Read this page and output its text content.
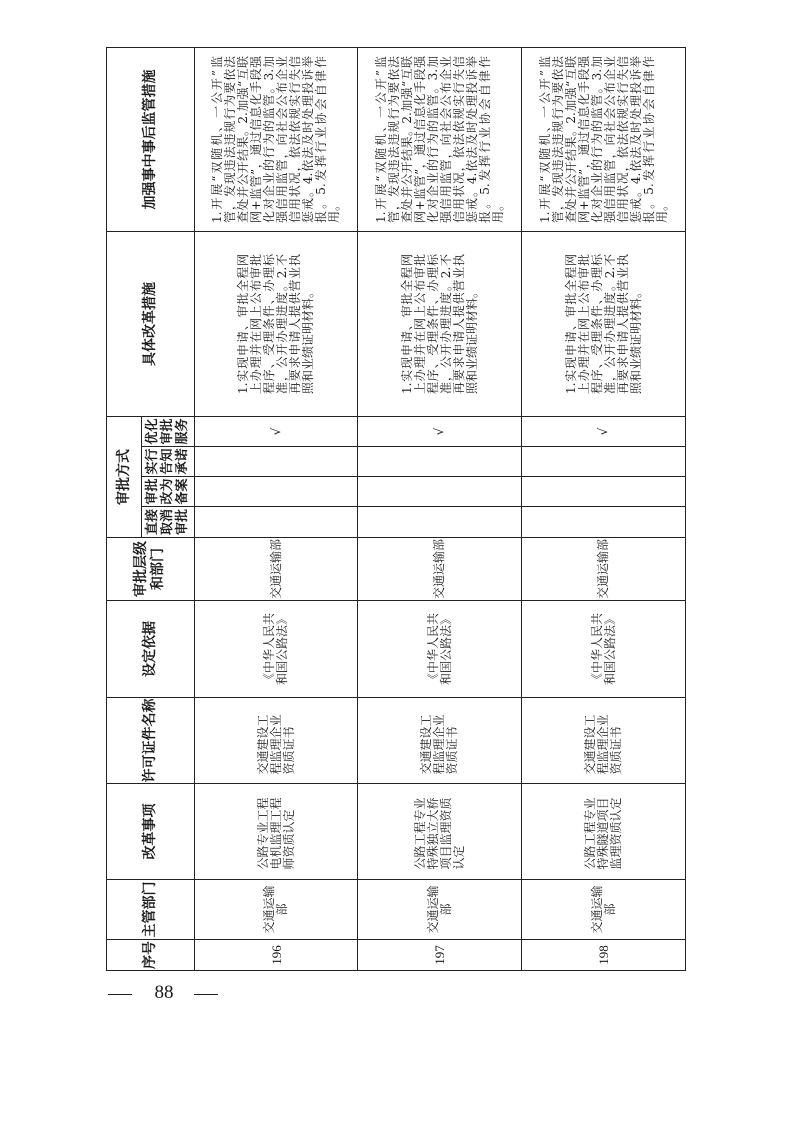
88
序号	主管部门	改革事项	许可证件名称	设定依据	审批层级和部门	审批方式				具体改革措施	加强事中事后监管措施
						直接取消审批	审批改为备案	实行告知承诺	优化审批服务		
196	交通运输部	公路专业工程电机监理工程师资质认定	交通建设工程监理企业资质证书	《中华人民共和国公路法》	交通运输部				√	1.实现申请、审批全程网上办理并在网上公布审批程序、受理条件、办理标准，公开办理进度。2.不再要求申请人提供营业执照和业绩证明材料。	1.开展“双随机、一公开”监管，发现违法违规行为要依法查处并公开结果。2.加强“互联网+监管”，通过信息化手段强化对企业的行为的监管。3.加强信用监管，向社会公布企业信用状况，依法依规实行失信惩戒。4.依法及时处理投诉举报。5.发挥行业协会自律作用。

197	交通运输部	公路工程专业特殊独立大桥项目监理资质认定	交通建设工程监理企业资质证书	《中华人民共和国公路法》	交通运输部				√	1.实现申请、审批全程网上办理并在网上公布审批程序、受理条件、办理标准，公开办理进度。2.不再要求申请人提供营业执照和业绩证明材料。	1.开展“双随机、一公开”监管，发现违法违规行为要依法查处并公开结果。2.加强“互联网+监管”，通过信息化手段强化对企业的行为的监管。3.加强信用监管，向社会公布企业信用状况，依法依规实行失信惩戒。4.依法及时处理投诉举报。5.发挥行业协会自律作用。

198	交通运输部	公路工程专业特殊隧道项目监理资质认定	交通建设工程监理企业资质证书	《中华人民共和国公路法》	交通运输部				√	1.实现申请、审批全程网上办理并在网上公布审批程序、受理条件、办理标准，公开办理进度。2.不再要求申请人提供营业执照和业绩证明材料。	1.开展“双随机、一公开”监管，发现违法违规行为要依法查处并公开结果。2.加强“互联网+监管”，通过信息化手段强化对企业的行为的监管。3.加强信用监管，向社会公布企业信用状况，依法依规实行失信惩戒。4.依法及时处理投诉举报。5.发挥行业协会自律作用。
